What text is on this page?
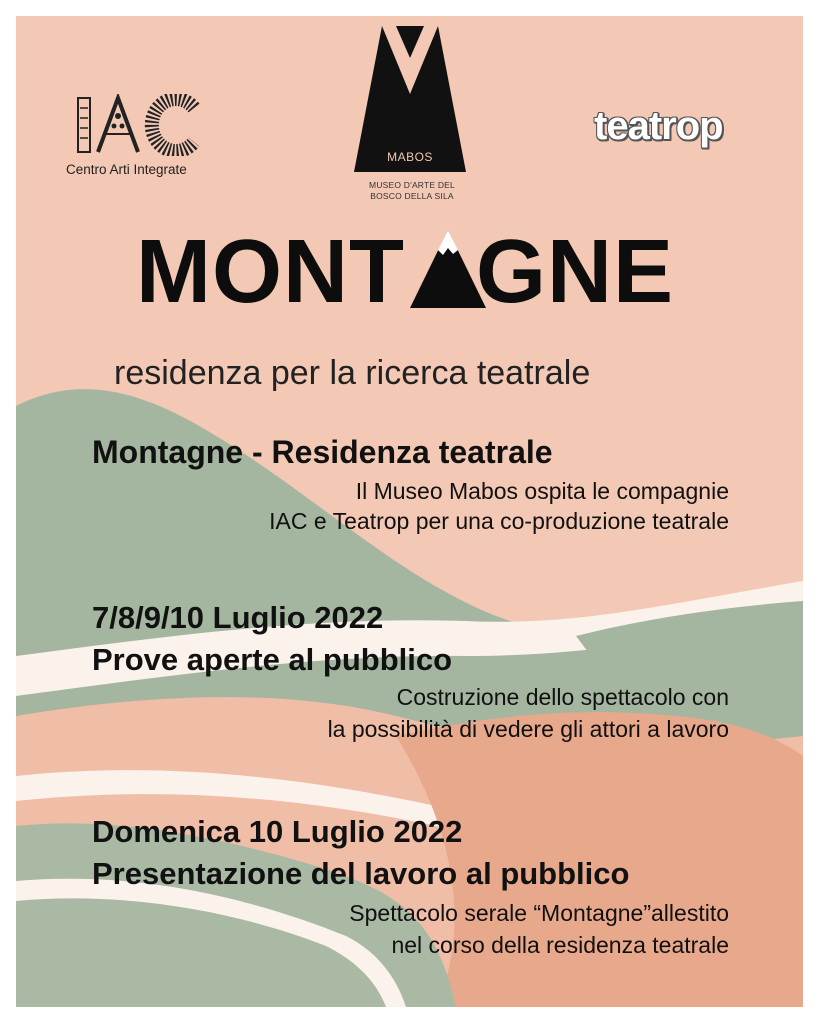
Centro Arti Integrate
MABOS
MUSEO D'ARTE DEL
BOSCO DELLA SILA
teatrop
MONT GNE
residenza per la ricerca teatrale
Montagne - Residenza teatrale
Il Museo Mabos ospita le compagnie
IAC e Teatrop per una co-produzione teatrale
7/8/9/10 Luglio 2022
Prove aperte al pubblico
Costruzione dello spettacolo con
la possibilità di vedere gli attori a lavoro
Domenica 10 Luglio 2022
Presentazione del lavoro al pubblico
Spettacolo serale “Montagne”allestito
nel corso della residenza teatrale
